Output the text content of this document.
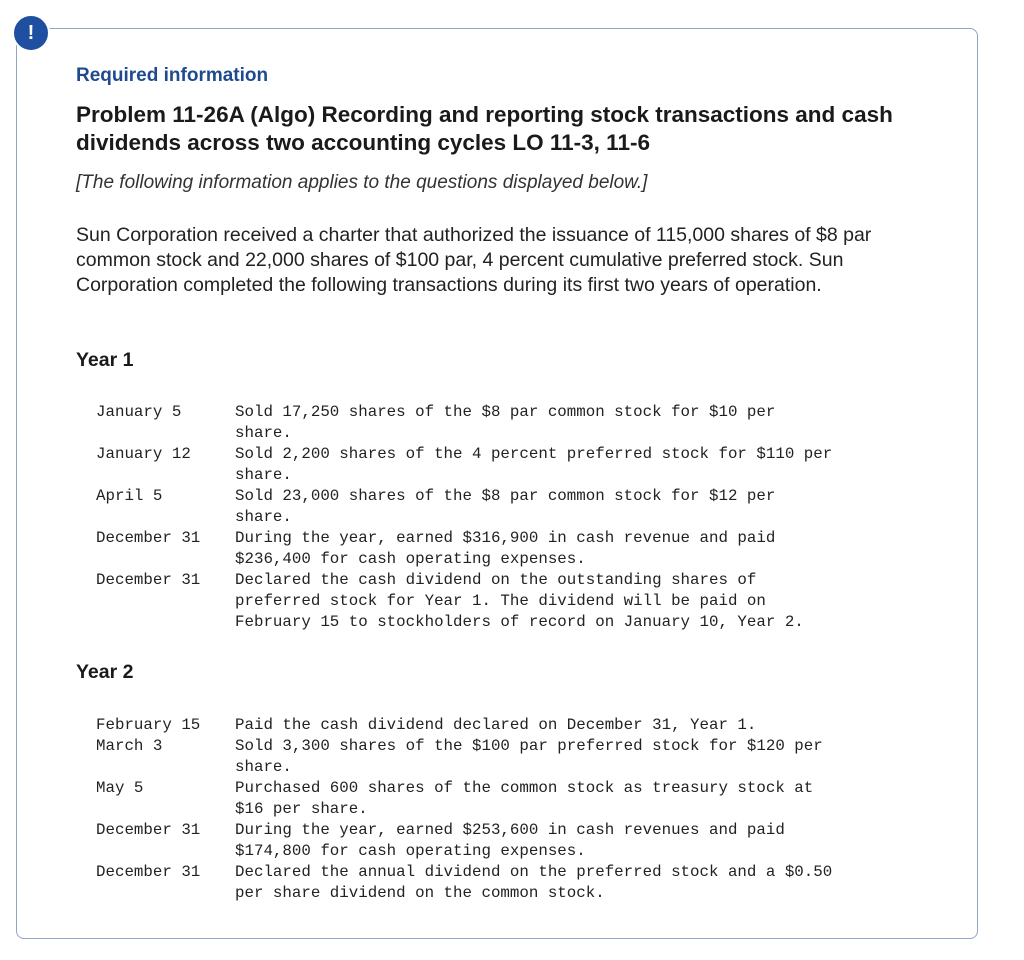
!
Required information
Problem 11-26A (Algo) Recording and reporting stock transactions and cash dividends across two accounting cycles LO 11-3, 11-6
[The following information applies to the questions displayed below.]
Sun Corporation received a charter that authorized the issuance of 115,000 shares of $8 par common stock and 22,000 shares of $100 par, 4 percent cumulative preferred stock. Sun Corporation completed the following transactions during its first two years of operation.
Year 1
January 5	Sold 17,250 shares of the $8 par common stock for $10 per
share.

January 12	Sold 2,200 shares of the 4 percent preferred stock for $110 per
share.

April 5	Sold 23,000 shares of the $8 par common stock for $12 per
share.

December 31	During the year, earned $316,900 in cash revenue and paid
$236,400 for cash operating expenses.

December 31	Declared the cash dividend on the outstanding shares of
preferred stock for Year 1. The dividend will be paid on
February 15 to stockholders of record on January 10, Year 2.
Year 2
February 15	Paid the cash dividend declared on December 31, Year 1.

March 3	Sold 3,300 shares of the $100 par preferred stock for $120 per
share.

May 5	Purchased 600 shares of the common stock as treasury stock at
$16 per share.

December 31	During the year, earned $253,600 in cash revenues and paid
$174,800 for cash operating expenses.

December 31	Declared the annual dividend on the preferred stock and a $0.50
per share dividend on the common stock.
